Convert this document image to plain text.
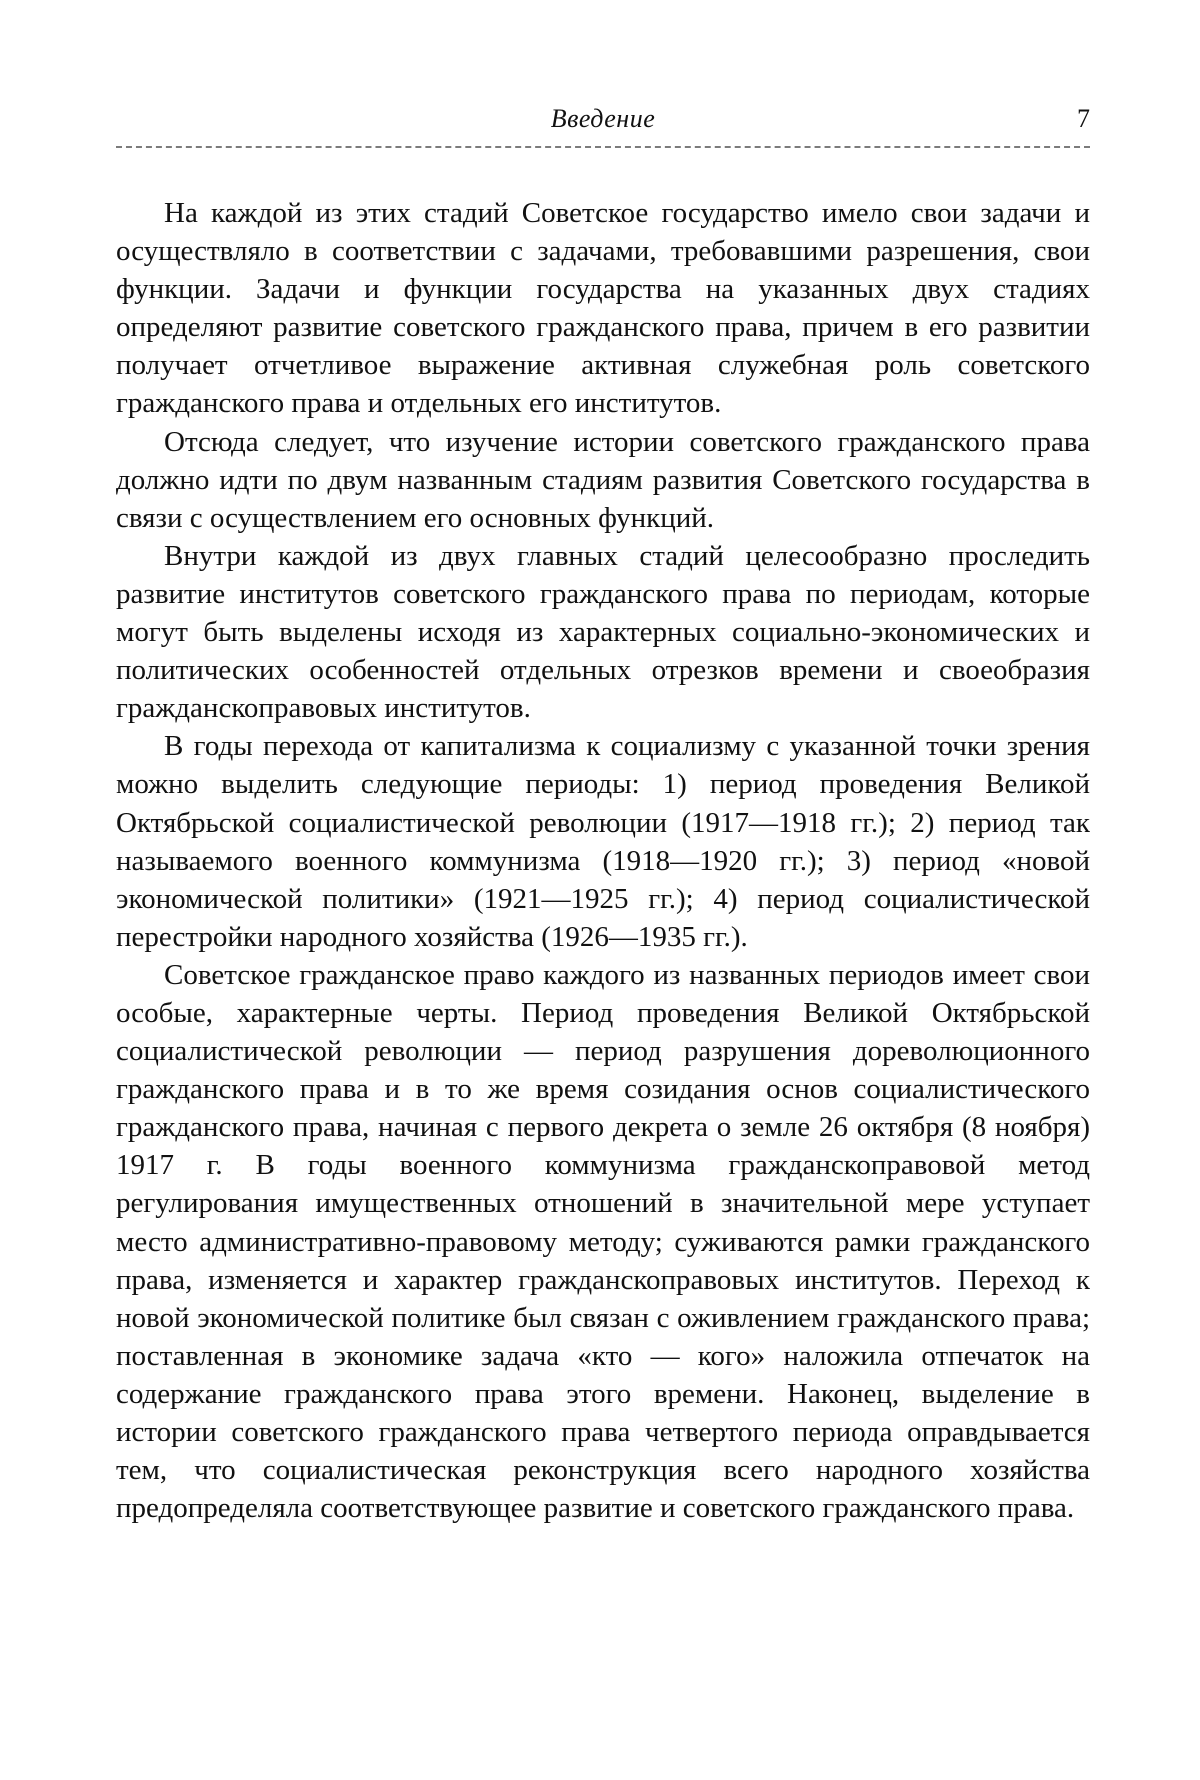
Введение	7

На каждой из этих стадий Советское государство имело свои задачи и осуществляло в соответствии с задачами, требовавшими разрешения, свои функции. Задачи и функции государства на указанных двух стадиях определяют развитие советского гражданского права, причем в его развитии получает отчетливое выражение активная служебная роль советского гражданского права и отдельных его институтов.

Отсюда следует, что изучение истории советского гражданского права должно идти по двум названным стадиям развития Советского государства в связи с осуществлением его основных функций.

Внутри каждой из двух главных стадий целесообразно проследить развитие институтов советского гражданского права по периодам, которые могут быть выделены исходя из характерных социально-экономических и политических особенностей отдельных отрезков времени и своеобразия гражданскоправовых институтов.

В годы перехода от капитализма к социализму с указанной точки зрения можно выделить следующие периоды: 1) период проведения Великой Октябрьской социалистической революции (1917—1918 гг.); 2) период так называемого военного коммунизма (1918—1920 гг.); 3) период «новой экономической политики» (1921—1925 гг.); 4) период социалистической перестройки народного хозяйства (1926—1935 гг.).

Советское гражданское право каждого из названных периодов имеет свои особые, характерные черты. Период проведения Великой Октябрьской социалистической революции — период разрушения дореволюционного гражданского права и в то же время созидания основ социалистического гражданского права, начиная с первого декрета о земле 26 октября (8 ноября) 1917 г. В годы военного коммунизма гражданскоправовой метод регулирования имущественных отношений в значительной мере уступает место административно-правовому методу; суживаются рамки гражданского права, изменяется и характер гражданскоправовых институтов. Переход к новой экономической политике был связан с оживлением гражданского права; поставленная в экономике задача «кто — кого» наложила отпечаток на содержание гражданского права этого времени. Наконец, выделение в истории советского гражданского права четвертого периода оправдывается тем, что социалистическая реконструкция всего народного хозяйства предопределяла соответствующее развитие и советского гражданского права.
